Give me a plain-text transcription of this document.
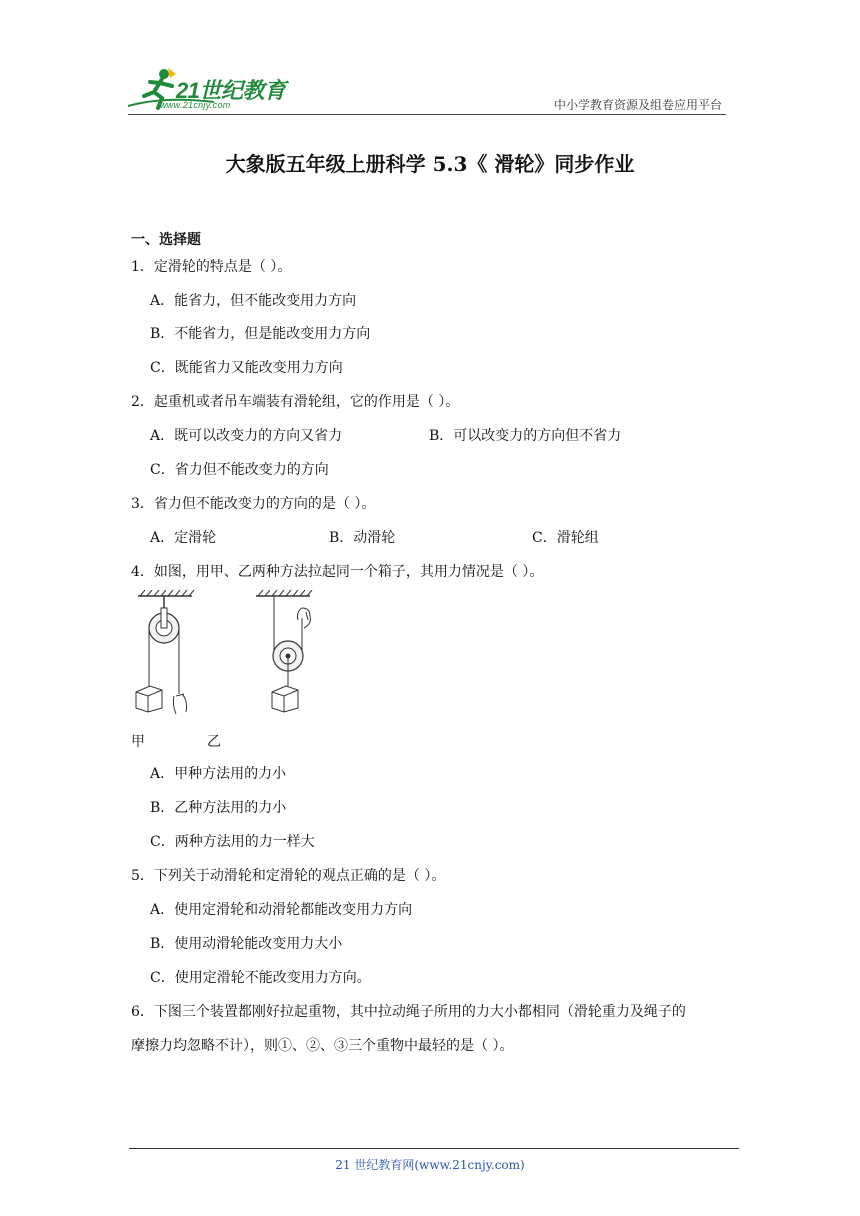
21世纪教育
www.21cnjy.com	中小学教育资源及组卷应用平台
大象版五年级上册科学 5.3《 滑轮》同步作业
一、选择题
1．定滑轮的特点是（ ）。
A．能省力，但不能改变用力方向
B．不能省力，但是能改变用力方向
C．既能省力又能改变用力方向
2．起重机或者吊车端装有滑轮组，它的作用是（ ）。
A．既可以改变力的方向又省力	B．可以改变力的方向但不省力
C．省力但不能改变力的方向
3．省力但不能改变力的方向的是（ ）。
A．定滑轮	B．动滑轮	C．滑轮组
4．如图，用甲、乙两种方法拉起同一个箱子，其用力情况是（ ）。
甲	乙
A．甲种方法用的力小
B．乙种方法用的力小
C．两种方法用的力一样大
5．下列关于动滑轮和定滑轮的观点正确的是（ ）。
A．使用定滑轮和动滑轮都能改变用力方向
B．使用动滑轮能改变用力大小
C．使用定滑轮不能改变用力方向。
6．下图三个装置都刚好拉起重物，其中拉动绳子所用的力大小都相同（滑轮重力及绳子的
摩擦力均忽略不计），则①、②、③三个重物中最轻的是（ ）。
21 世纪教育网(www.21cnjy.com)
